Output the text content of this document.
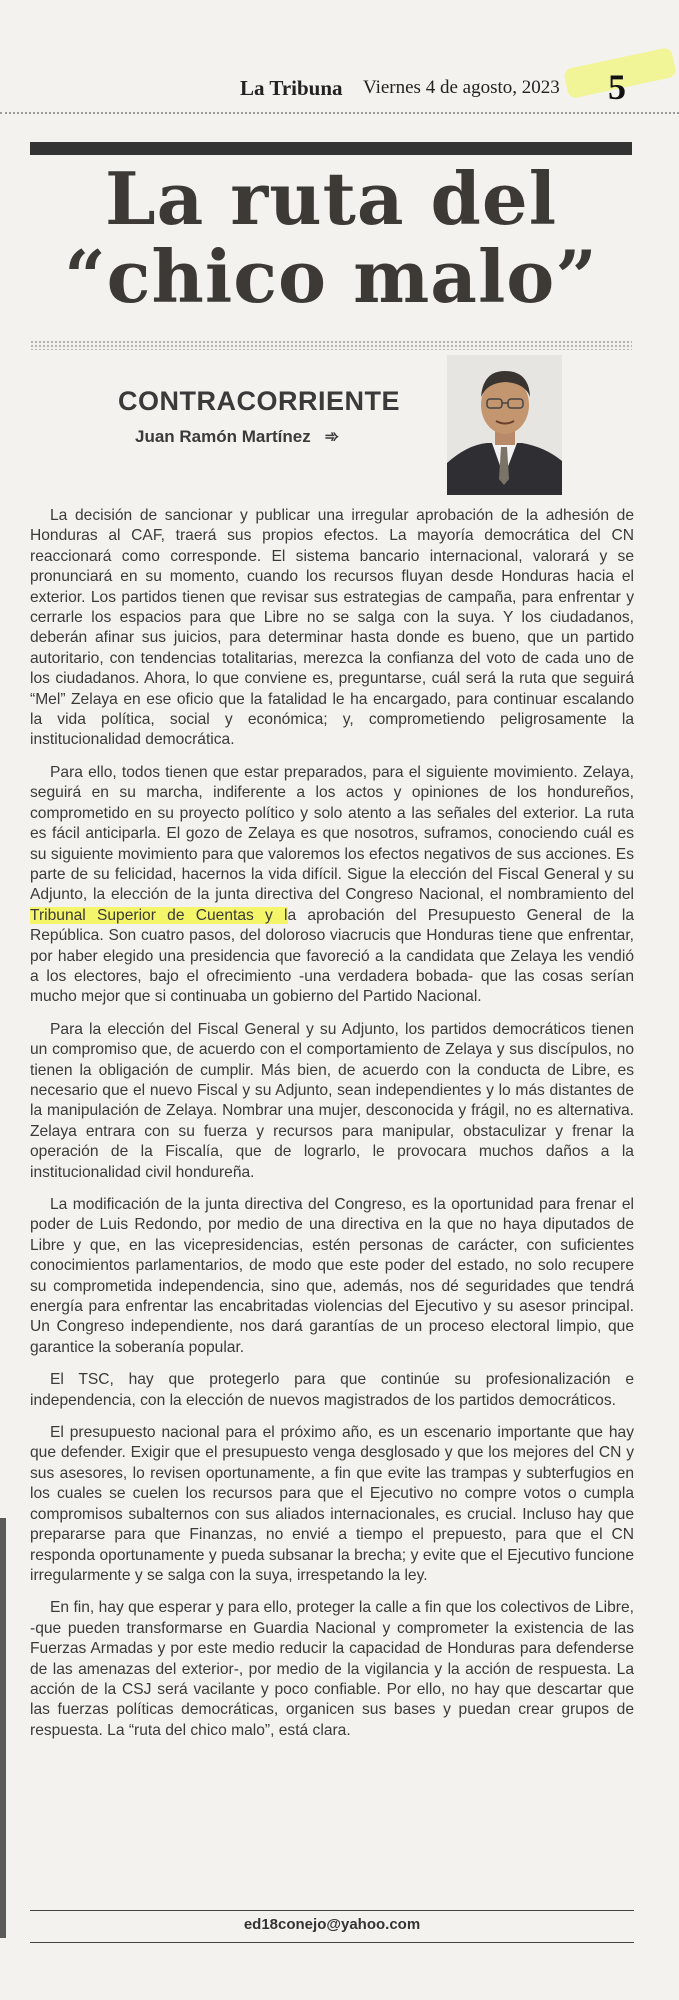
La Tribuna Viernes 4 de agosto, 2023 5
La ruta del
“chico malo”
CONTRACORRIENTE
Juan Ramón Martínez ➾

La decisión de sancionar y publicar una irregular aprobación de la adhesión de Honduras al CAF, traerá sus propios efectos. La mayoría democrática del CN reaccionará como corresponde. El sistema bancario internacional, valorará y se pronunciará en su momento, cuando los recursos fluyan desde Honduras hacia el exterior. Los partidos tienen que revisar sus estrategias de campaña, para enfrentar y cerrarle los espacios para que Libre no se salga con la suya. Y los ciudadanos, deberán afinar sus juicios, para determinar hasta donde es bueno, que un partido autoritario, con tendencias totalitarias, merezca la confianza del voto de cada uno de los ciudadanos. Ahora, lo que conviene es, preguntarse, cuál será la ruta que seguirá “Mel” Zelaya en ese oficio que la fatalidad le ha encargado, para continuar escalando la vida política, social y económica; y, comprometiendo peligrosamente la institucionalidad democrática.

Para ello, todos tienen que estar preparados, para el siguiente movimiento. Zelaya, seguirá en su marcha, indiferente a los actos y opiniones de los hondureños, comprometido en su proyecto político y solo atento a las señales del exterior. La ruta es fácil anticiparla. El gozo de Zelaya es que nosotros, suframos, conociendo cuál es su siguiente movimiento para que valoremos los efectos negativos de sus acciones. Es parte de su felicidad, hacernos la vida difícil. Sigue la elección del Fiscal General y su Adjunto, la elección de la junta directiva del Congreso Nacional, el nombramiento del Tribunal Superior de Cuentas y la aprobación del Presupuesto General de la República. Son cuatro pasos, del doloroso viacrucis que Honduras tiene que enfrentar, por haber elegido una presidencia que favoreció a la candidata que Zelaya les vendió a los electores, bajo el ofrecimiento -una verdadera bobada- que las cosas serían mucho mejor que si continuaba un gobierno del Partido Nacional.

Para la elección del Fiscal General y su Adjunto, los partidos democráticos tienen un compromiso que, de acuerdo con el comportamiento de Zelaya y sus discípulos, no tienen la obligación de cumplir. Más bien, de acuerdo con la conducta de Libre, es necesario que el nuevo Fiscal y su Adjunto, sean independientes y lo más distantes de la manipulación de Zelaya. Nombrar una mujer, desconocida y frágil, no es alternativa. Zelaya entrara con su fuerza y recursos para manipular, obstaculizar y frenar la operación de la Fiscalía, que de lograrlo, le provocara muchos daños a la institucionalidad civil hondureña.

La modificación de la junta directiva del Congreso, es la oportunidad para frenar el poder de Luis Redondo, por medio de una directiva en la que no haya diputados de Libre y que, en las vicepresidencias, estén personas de carácter, con suficientes conocimientos parlamentarios, de modo que este poder del estado, no solo recupere su comprometida independencia, sino que, además, nos dé seguridades que tendrá energía para enfrentar las encabritadas violencias del Ejecutivo y su asesor principal. Un Congreso independiente, nos dará garantías de un proceso electoral limpio, que garantice la soberanía popular.

El TSC, hay que protegerlo para que continúe su profesionalización e independencia, con la elección de nuevos magistrados de los partidos democráticos.

El presupuesto nacional para el próximo año, es un escenario importante que hay que defender. Exigir que el presupuesto venga desglosado y que los mejores del CN y sus asesores, lo revisen oportunamente, a fin que evite las trampas y subterfugios en los cuales se cuelen los recursos para que el Ejecutivo no compre votos o cumpla compromisos subalternos con sus aliados internacionales, es crucial. Incluso hay que prepararse para que Finanzas, no envié a tiempo el prepuesto, para que el CN responda oportunamente y pueda subsanar la brecha; y evite que el Ejecutivo funcione irregularmente y se salga con la suya, irrespetando la ley.

En fin, hay que esperar y para ello, proteger la calle a fin que los colectivos de Libre, -que pueden transformarse en Guardia Nacional y comprometer la existencia de las Fuerzas Armadas y por este medio reducir la capacidad de Honduras para defenderse de las amenazas del exterior-, por medio de la vigilancia y la acción de respuesta. La acción de la CSJ será vacilante y poco confiable. Por ello, no hay que descartar que las fuerzas políticas democráticas, organicen sus bases y puedan crear grupos de respuesta. La “ruta del chico malo”, está clara.

ed18conejo@yahoo.com
